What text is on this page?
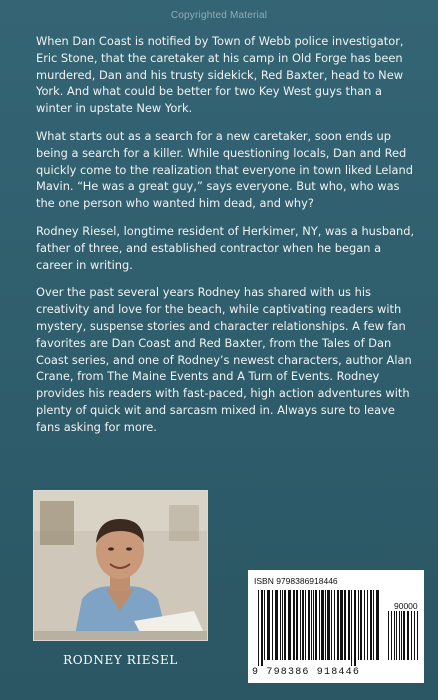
Copyrighted Material

When Dan Coast is notified by Town of Webb police investigator, Eric Stone, that the caretaker at his camp in Old Forge has been murdered, Dan and his trusty sidekick, Red Baxter, head to New York. And what could be better for two Key West guys than a winter in upstate New York.

What starts out as a search for a new caretaker, soon ends up being a search for a killer. While questioning locals, Dan and Red quickly come to the realization that everyone in town liked Leland Mavin. “He was a great guy,” says everyone. But who, who was the one person who wanted him dead, and why?

Rodney Riesel, longtime resident of Herkimer, NY, was a husband, father of three, and established contractor when he began a career in writing.

Over the past several years Rodney has shared with us his creativity and love for the beach, while captivating readers with mystery, suspense stories and character relationships. A few fan favorites are Dan Coast and Red Baxter, from the Tales of Dan Coast series, and one of Rodney’s newest characters, author Alan Crane, from The Maine Events and A Turn of Events. Rodney provides his readers with fast-paced, high action adventures with plenty of quick wit and sarcasm mixed in. Always sure to leave fans asking for more.

RODNEY RIESEL
ISBN 9798386918446
90000
9 798386 918446
